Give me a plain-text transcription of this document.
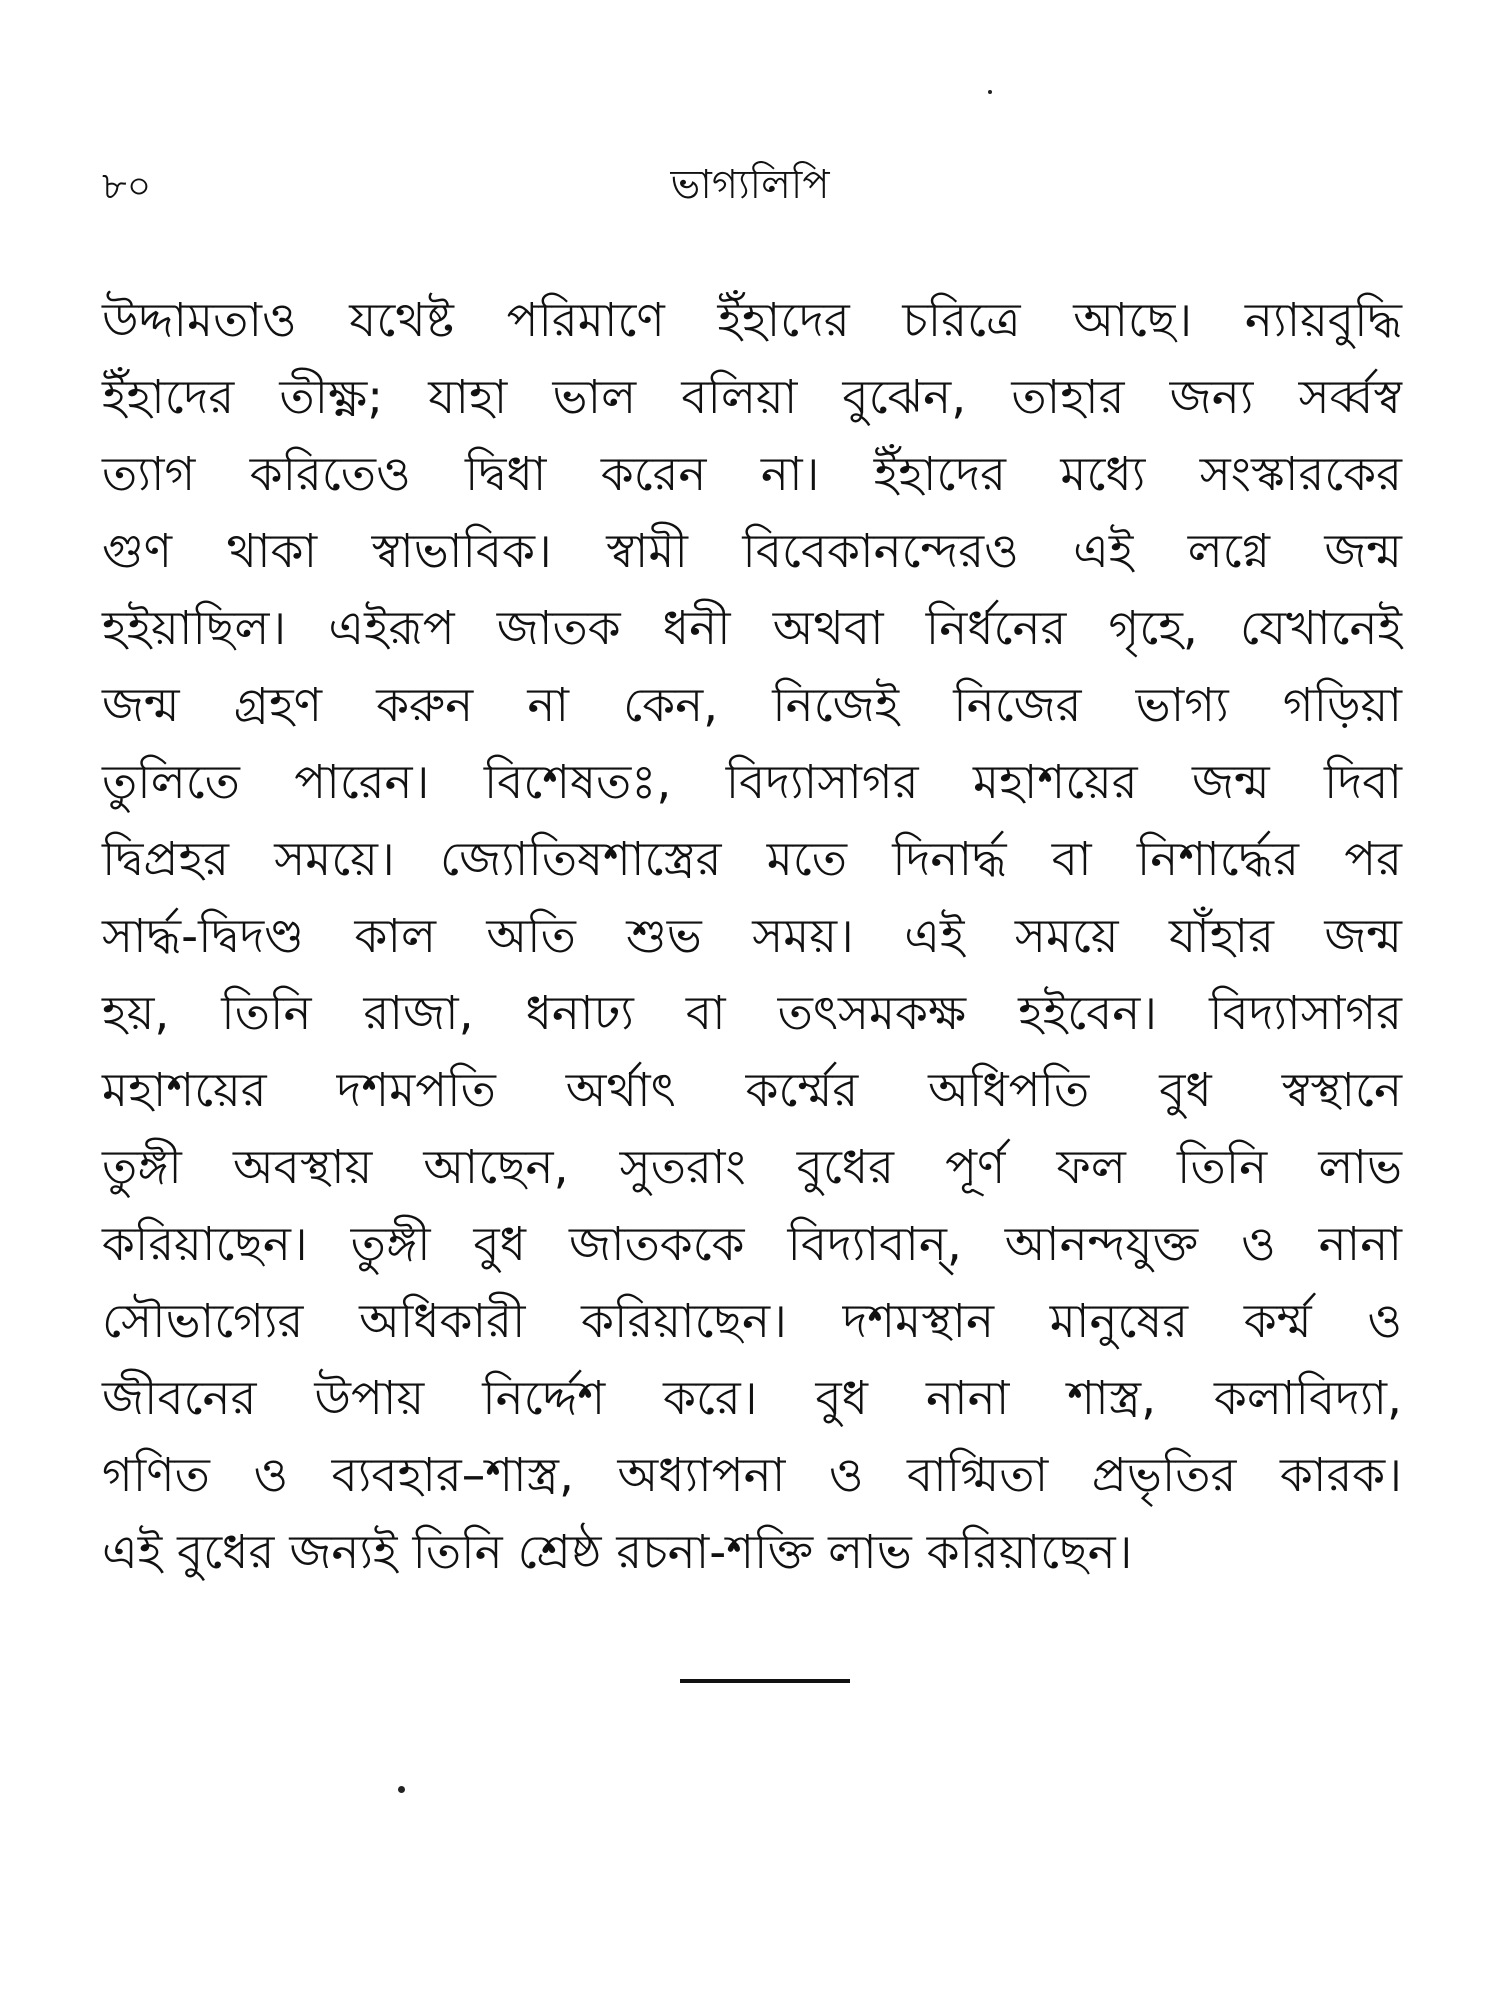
৮০	ভাগ্যলিপি
উদ্দামতাও যথেষ্ট পরিমাণে ইঁহাদের চরিত্রে আছে। ন্যায়বুদ্ধি
ইঁহাদের তীক্ষ্ণ; যাহা ভাল বলিয়া বুঝেন, তাহার জন্য সর্ব্বস্ব
ত্যাগ করিতেও দ্বিধা করেন না। ইঁহাদের মধ্যে সংস্কারকের
গুণ থাকা স্বাভাবিক। স্বামী বিবেকানন্দেরও এই লগ্নে জন্ম
হইয়াছিল। এইরূপ জাতক ধনী অথবা নির্ধনের গৃহে, যেখানেই
জন্ম গ্রহণ করুন না কেন, নিজেই নিজের ভাগ্য গড়িয়া
তুলিতে পারেন। বিশেষতঃ, বিদ্যাসাগর মহাশয়ের জন্ম দিবা
দ্বিপ্রহর সময়ে। জ্যোতিষশাস্ত্রের মতে দিনার্দ্ধ বা নিশার্দ্ধের পর
সার্দ্ধ-দ্বিদণ্ড কাল অতি শুভ সময়। এই সময়ে যাঁহার জন্ম
হয়, তিনি রাজা, ধনাঢ্য বা তৎসমকক্ষ হইবেন। বিদ্যাসাগর
মহাশয়ের দশমপতি অর্থাৎ কর্ম্মের অধিপতি বুধ স্বস্থানে
তুঙ্গী অবস্থায় আছেন, সুতরাং বুধের পূর্ণ ফল তিনি লাভ
করিয়াছেন। তুঙ্গী বুধ জাতককে বিদ্যাবান্, আনন্দযুক্ত ও নানা
সৌভাগ্যের অধিকারী করিয়াছেন। দশমস্থান মানুষের কর্ম্ম ও
জীবনের উপায় নির্দ্দেশ করে। বুধ নানা শাস্ত্র, কলাবিদ্যা,
গণিত ও ব্যবহার–শাস্ত্র, অধ্যাপনা ও বাগ্মিতা প্রভৃতির কারক।
এই বুধের জন্যই তিনি শ্রেষ্ঠ রচনা-শক্তি লাভ করিয়াছেন।
